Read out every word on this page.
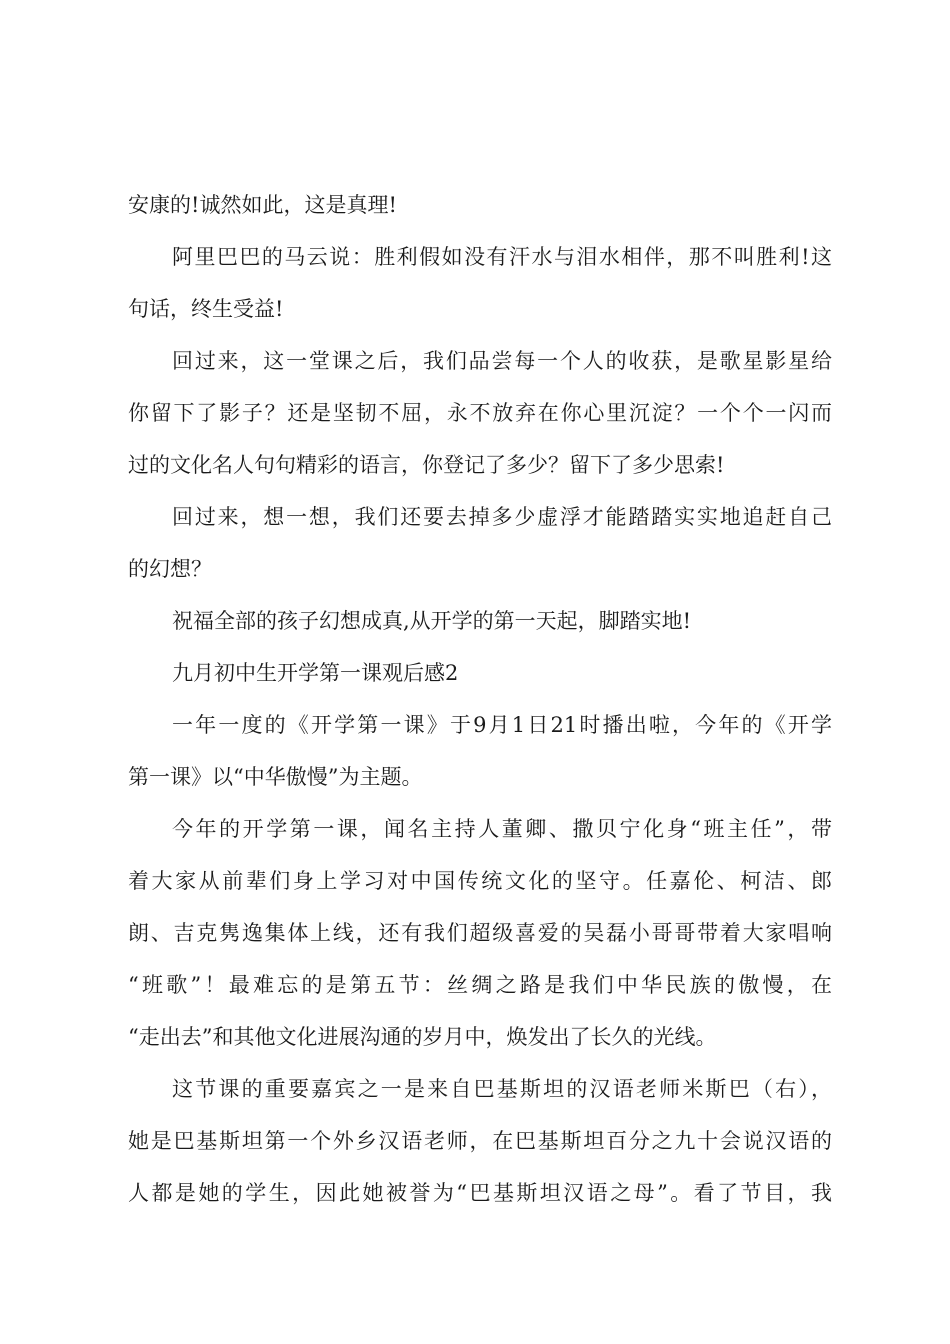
安康的!诚然如此，这是真理!
阿里巴巴的马云说：胜利假如没有汗水与泪水相伴，那不叫胜利!这
句话，终生受益!
回过来，这一堂课之后，我们品尝每一个人的收获，是歌星影星给
你留下了影子？还是坚韧不屈，永不放弃在你心里沉淀？一个个一闪而
过的文化名人句句精彩的语言，你登记了多少？留下了多少思索!
回过来，想一想，我们还要去掉多少虚浮才能踏踏实实地追赶自己
的幻想？
祝福全部的孩子幻想成真,从开学的第一天起，脚踏实地!
九月初中生开学第一课观后感2
一年一度的《开学第一课》于9月1日21时播出啦，今年的《开学
第一课》以“中华傲慢”为主题。
今年的开学第一课，闻名主持人董卿、撒贝宁化身“班主任”，带
着大家从前辈们身上学习对中国传统文化的坚守。任嘉伦、柯洁、郎
朗、吉克隽逸集体上线，还有我们超级喜爱的吴磊小哥哥带着大家唱响
“班歌”！最难忘的是第五节：丝绸之路是我们中华民族的傲慢，在
“走出去”和其他文化进展沟通的岁月中，焕发出了长久的光线。
这节课的重要嘉宾之一是来自巴基斯坦的汉语老师米斯巴（右），
她是巴基斯坦第一个外乡汉语老师，在巴基斯坦百分之九十会说汉语的
人都是她的学生，因此她被誉为“巴基斯坦汉语之母”。看了节目，我
